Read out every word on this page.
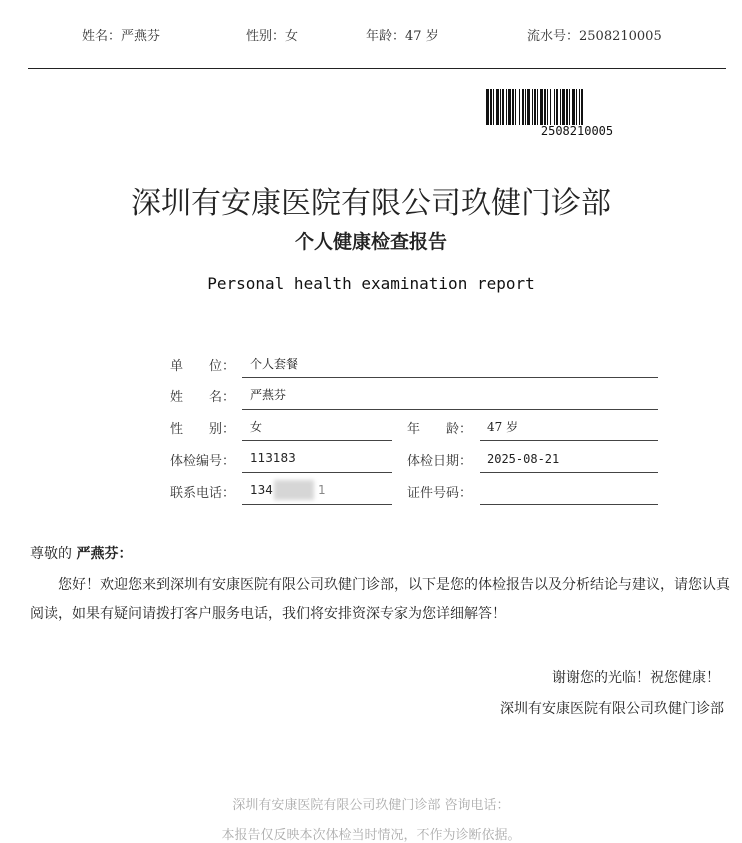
姓名：严燕芬	性别：女	年龄：47 岁	流水号：2508210005
2508210005
深圳有安康医院有限公司玖健门诊部
个人健康检查报告
Personal health examination report
单　　位： 个人套餐
姓　　名： 严燕芬
性　　别： 女	年　　龄： 47 岁
体检编号： 113183	体检日期： 2025-08-21
联系电话： 134	1	证件号码：
尊敬的 严燕芬：
您好！欢迎您来到深圳有安康医院有限公司玖健门诊部，以下是您的体检报告以及分析结论与建议，请您认真阅读，如果有疑问请拨打客户服务电话，我们将安排资深专家为您详细解答！
谢谢您的光临！祝您健康！
深圳有安康医院有限公司玖健门诊部
深圳有安康医院有限公司玖健门诊部 咨询电话：
本报告仅反映本次体检当时情况，不作为诊断依据。
